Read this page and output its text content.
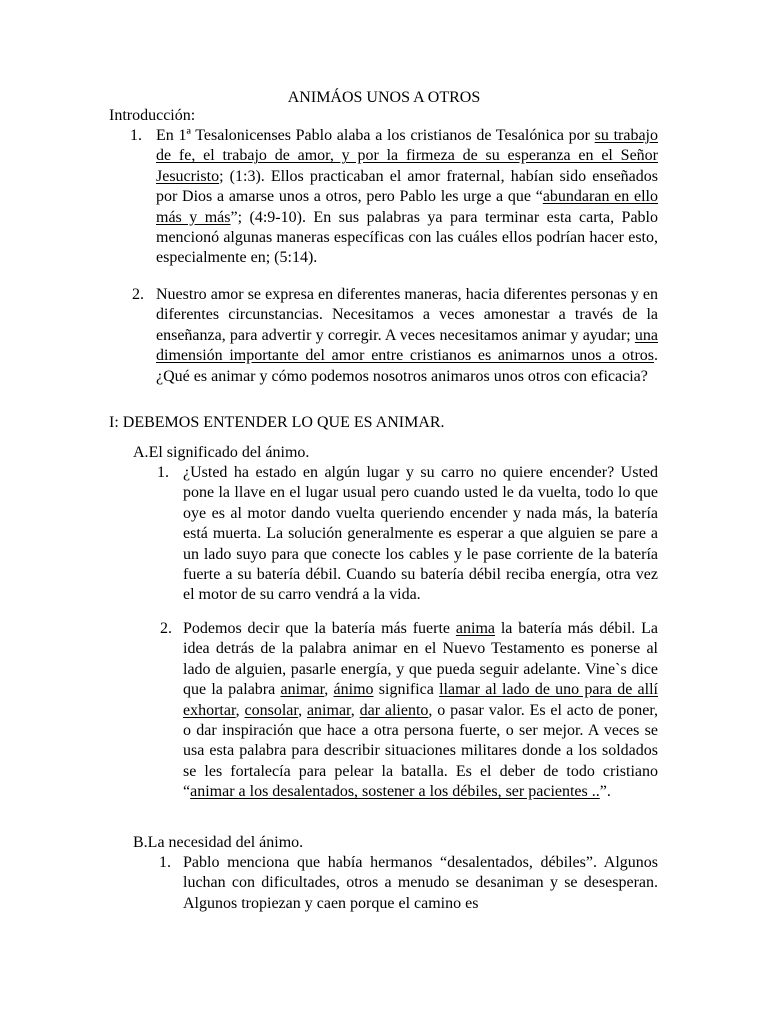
ANIMÁOS UNOS A OTROS
Introducción:
1. En 1ª Tesalonicenses Pablo alaba a los cristianos de Tesalónica por su trabajo de fe, el trabajo de amor, y por la firmeza de su esperanza en el Señor Jesucristo; (1:3). Ellos practicaban el amor fraternal, habían sido enseñados por Dios a amarse unos a otros, pero Pablo les urge a que “abundaran en ello más y más”; (4:9-10). En sus palabras ya para terminar esta carta, Pablo mencionó algunas maneras específicas con las cuáles ellos podrían hacer esto, especialmente en; (5:14).
2. Nuestro amor se expresa en diferentes maneras, hacia diferentes personas y en diferentes circunstancias. Necesitamos a veces amonestar a través de la enseñanza, para advertir y corregir. A veces necesitamos animar y ayudar; una dimensión importante del amor entre cristianos es animarnos unos a otros. ¿Qué es animar y cómo podemos nosotros animaros unos otros con eficacia?
I: DEBEMOS ENTENDER LO QUE ES ANIMAR.
A.El significado del ánimo.
1. ¿Usted ha estado en algún lugar y su carro no quiere encender? Usted pone la llave en el lugar usual pero cuando usted le da vuelta, todo lo que oye es al motor dando vuelta queriendo encender y nada más, la batería está muerta. La solución generalmente es esperar a que alguien se pare a un lado suyo para que conecte los cables y le pase corriente de la batería fuerte a su batería débil. Cuando su batería débil reciba energía, otra vez el motor de su carro vendrá a la vida.
2. Podemos decir que la batería más fuerte anima la batería más débil. La idea detrás de la palabra animar en el Nuevo Testamento es ponerse al lado de alguien, pasarle energía, y que pueda seguir adelante. Vine`s dice que la palabra animar, ánimo significa llamar al lado de uno para de allí exhortar, consolar, animar, dar aliento, o pasar valor. Es el acto de poner, o dar inspiración que hace a otra persona fuerte, o ser mejor. A veces se usa esta palabra para describir situaciones militares donde a los soldados se les fortalecía para pelear la batalla. Es el deber de todo cristiano “animar a los desalentados, sostener a los débiles, ser pacientes ..”.
B.La necesidad del ánimo.
1. Pablo menciona que había hermanos “desalentados, débiles”. Algunos luchan con dificultades, otros a menudo se desaniman y se desesperan. Algunos tropiezan y caen porque el camino es
